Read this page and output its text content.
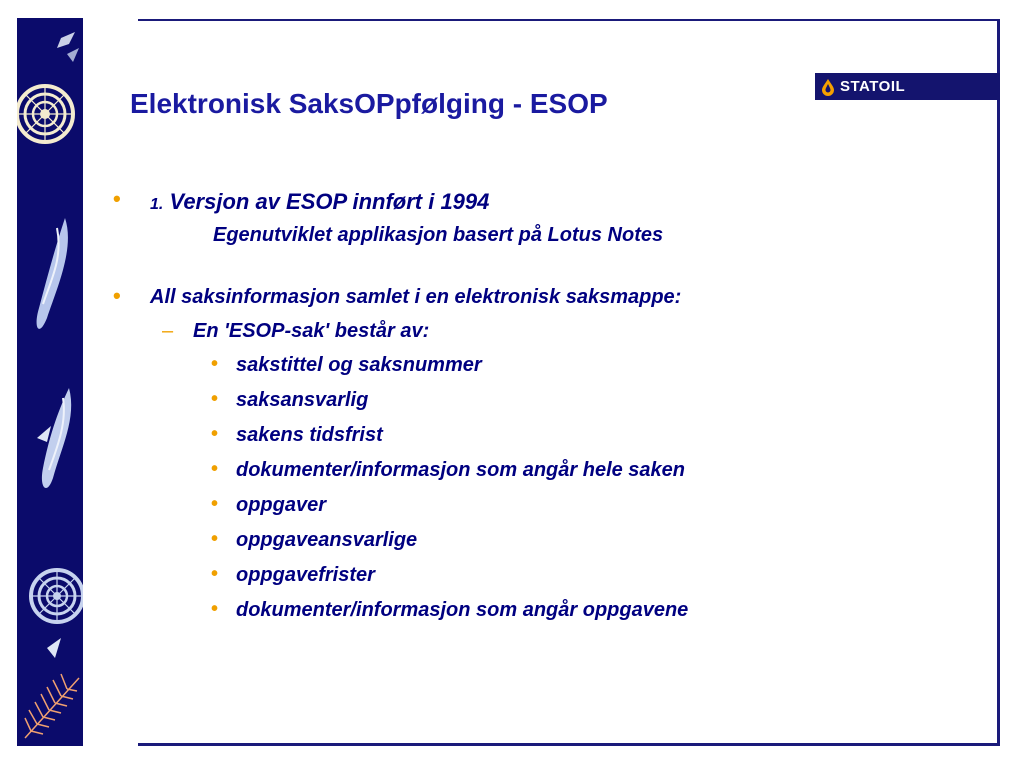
STATOIL
Elektronisk SaksOPpfølging - ESOP
• 1. Versjon av ESOP innført i 1994
Egenutviklet applikasjon basert på Lotus Notes
• All saksinformasjon samlet i en elektronisk saksmappe:
– En 'ESOP-sak' består av:
• sakstittel og saksnummer
• saksansvarlig
• sakens tidsfrist
• dokumenter/informasjon som angår hele saken
• oppgaver
• oppgaveansvarlige
• oppgavefrister
• dokumenter/informasjon som angår oppgavene
